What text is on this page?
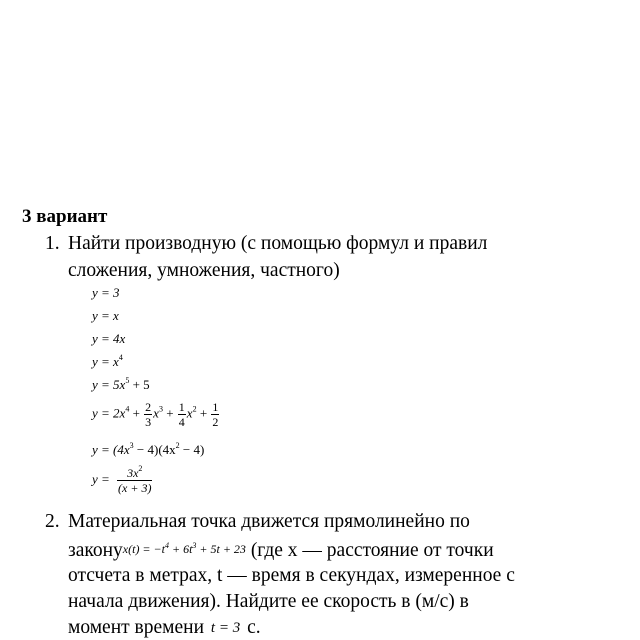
3 вариант
1. Найти производную (с помощью формул и правил
сложения, умножения, частного)
y = 3
y = x
y = 4x
$y = x^4$
$y = 5x^5 + 5$
$y = 2x^4 + \frac{2}{3} x^3 + \frac{1}{4} x^2 + \frac{1}{2}$
$y = (4x^3 - 4)(4x^2 - 4)$
$y = \frac{3x^2}{(x + 3)}$
2. Материальная точка движется прямолинейно по
законуx(t) = $-t^4 + 6t^3 + 5t + 23$ (где х — расстояние от точки
отсчета в метрах, t — время в секундах, измеренное с
начала движения). Найдите ее скорость в (м/с) в
момент времени t = 3 с.
